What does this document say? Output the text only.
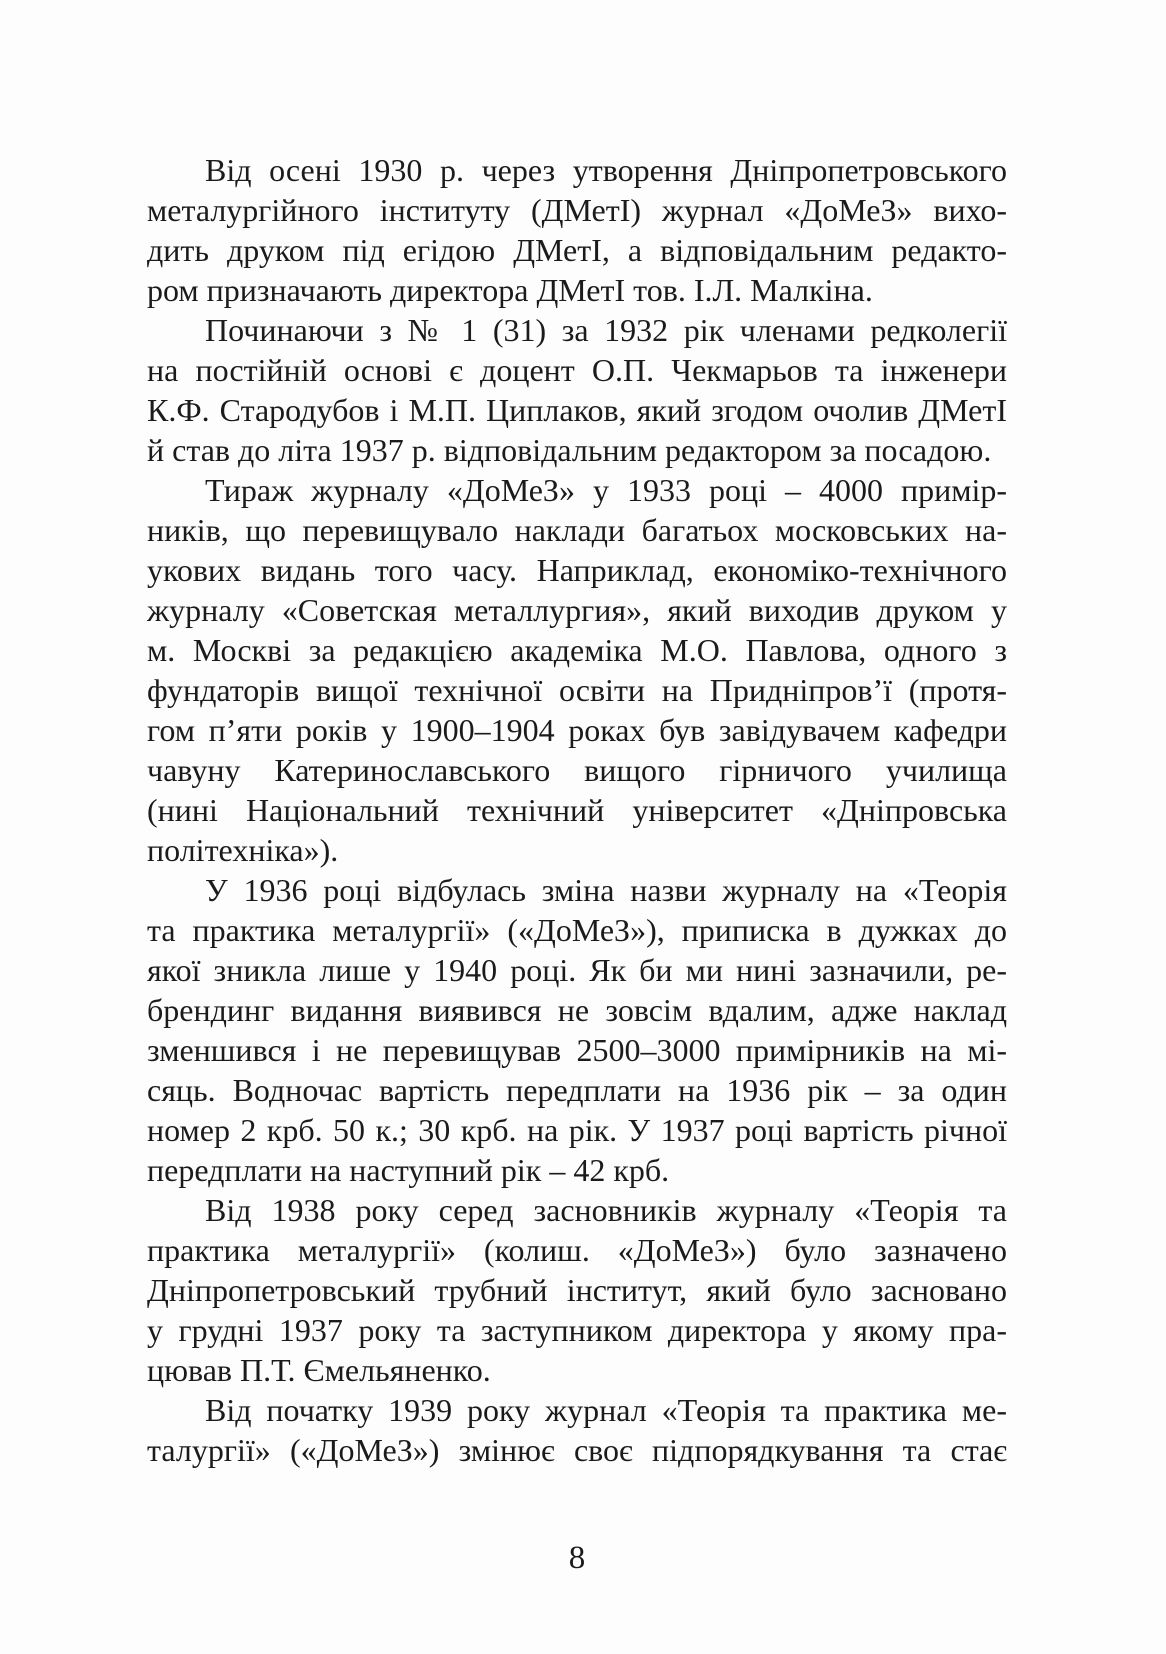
Від осені 1930 р. через утворення Дніпропетровського
металургійного інституту (ДМетІ) журнал «ДоМеЗ» вихо-
дить друком під егідою ДМетІ, а відповідальним редакто-
ром призначають директора ДМетІ тов. І.Л. Малкіна.
Починаючи з № 1 (31) за 1932 рік членами редколегії
на постійній основі є доцент О.П. Чекмарьов та інженери
К.Ф. Стародубов і М.П. Циплаков, який згодом очолив ДМетІ
й став до літа 1937 р. відповідальним редактором за посадою.
Тираж журналу «ДоМеЗ» у 1933 році – 4000 примір-
ників, що перевищувало наклади багатьох московських на-
укових видань того часу. Наприклад, економіко-технічного
журналу «Советская металлургия», який виходив друком у
м. Москві за редакцією академіка М.О. Павлова, одного з
фундаторів вищої технічної освіти на Придніпров’ї (протя-
гом п’яти років у 1900–1904 роках був завідувачем кафедри
чавуну Катеринославського вищого гірничого училища
(нині Національний технічний університет «Дніпровська
політехніка»).
У 1936 році відбулась зміна назви журналу на «Теорія
та практика металургії» («ДоМеЗ»), приписка в дужках до
якої зникла лише у 1940 році. Як би ми нині зазначили, ре-
брендинг видання виявився не зовсім вдалим, адже наклад
зменшився і не перевищував 2500–3000 примірників на мі-
сяць. Водночас вартість передплати на 1936 рік – за один
номер 2 крб. 50 к.; 30 крб. на рік. У 1937 році вартість річної
передплати на наступний рік – 42 крб.
Від 1938 року серед засновників журналу «Теорія та
практика металургії» (колиш. «ДоМеЗ») було зазначено
Дніпропетровський трубний інститут, який було засновано
у грудні 1937 року та заступником директора у якому пра-
цював П.Т. Ємельяненко.
Від початку 1939 року журнал «Теорія та практика ме-
талургії» («ДоМеЗ») змінює своє підпорядкування та стає
8
